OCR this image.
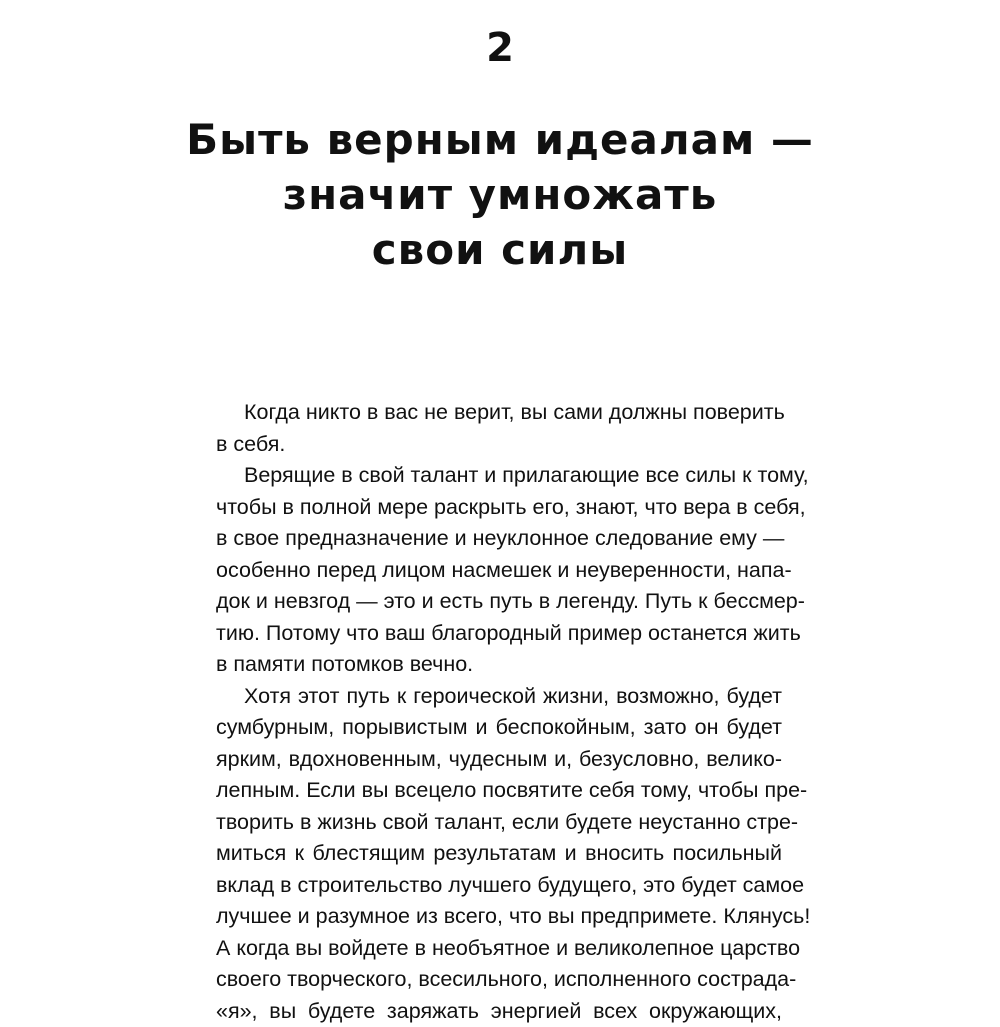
2
Быть верным идеалам —
значит умножать
свои силы
Когда никто в вас не верит, вы сами должны поверить
в себя.
Верящие в свой талант и прилагающие все силы к тому,
чтобы в полной мере раскрыть его, знают, что вера в себя,
в свое предназначение и неуклонное следование ему —
особенно перед лицом насмешек и неуверенности, напа-
док и невзгод — это и есть путь в легенду. Путь к бессмер-
тию. Потому что ваш благородный пример останется жить
в памяти потомков вечно.
Хотя этот путь к героической жизни, возможно, будет
сумбурным, порывистым и беспокойным, зато он будет
ярким, вдохновенным, чудесным и, безусловно, велико-
лепным. Если вы всецело посвятите себя тому, чтобы пре-
творить в жизнь свой талант, если будете неустанно стре-
миться к блестящим результатам и вносить посильный
вклад в строительство лучшего будущего, это будет самое
лучшее и разумное из всего, что вы предпримете. Клянусь!
А когда вы войдете в необъятное и великолепное царство
своего творческого, всесильного, исполненного сострада-
«я», вы будете заряжать энергией всех окружающих,
